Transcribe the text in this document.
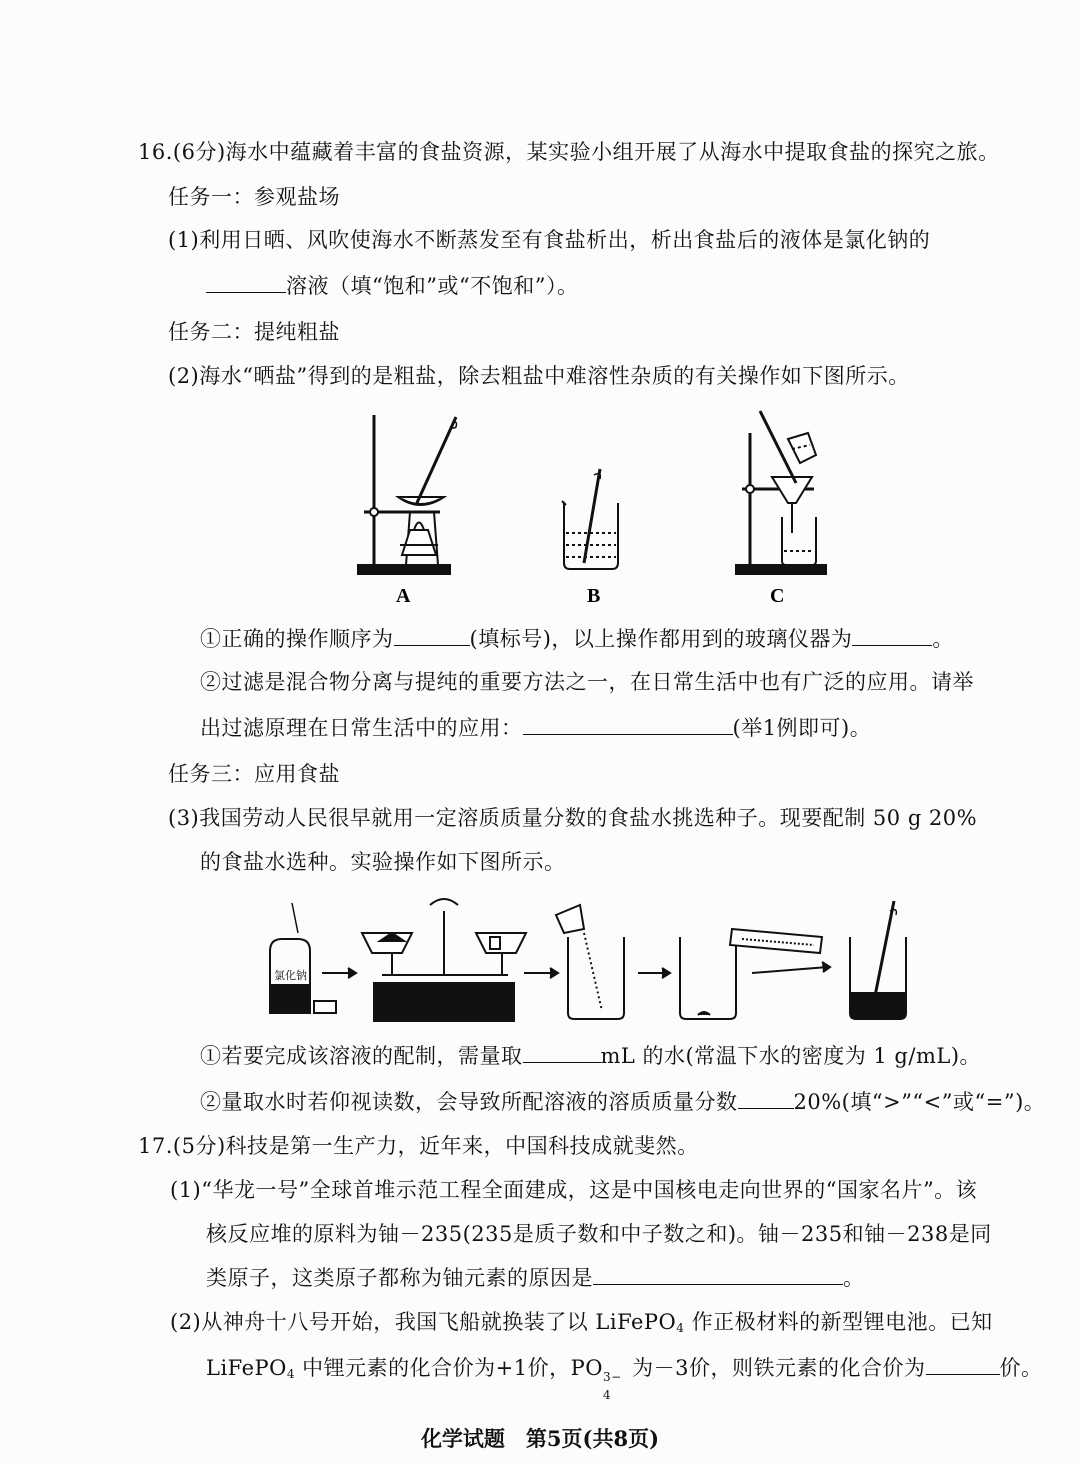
16.(6分)海水中蕴藏着丰富的食盐资源，某实验小组开展了从海水中提取食盐的探究之旅。
任务一：参观盐场
(1)利用日晒、风吹使海水不断蒸发至有食盐析出，析出食盐后的液体是氯化钠的
溶液（填“饱和”或“不饱和”）。
任务二：提纯粗盐
(2)海水“晒盐”得到的是粗盐，除去粗盐中难溶性杂质的有关操作如下图所示。
A	B	C
①正确的操作顺序为	(填标号)，以上操作都用到的玻璃仪器为	。
②过滤是混合物分离与提纯的重要方法之一，在日常生活中也有广泛的应用。请举
出过滤原理在日常生活中的应用：	(举1例即可)。
任务三：应用食盐
(3)我国劳动人民很早就用一定溶质质量分数的食盐水挑选种子。现要配制 50 g 20%
的食盐水选种。实验操作如下图所示。
氯化钠
①若要完成该溶液的配制，需量取	mL 的水(常温下水的密度为 1 g/mL)。
②量取水时若仰视读数，会导致所配溶液的溶质质量分数	20%(填“>”“<”或“=”)。
17.(5分)科技是第一生产力，近年来，中国科技成就斐然。
(1)“华龙一号”全球首堆示范工程全面建成，这是中国核电走向世界的“国家名片”。该
核反应堆的原料为铀－235(235是质子数和中子数之和)。铀－235和铀－238是同
类原子，这类原子都称为铀元素的原因是	。
(2)从神舟十八号开始，我国飞船就换装了以 LiFePO$_4$ 作正极材料的新型锂电池。已知
LiFePO$_4$ 中锂元素的化合价为+1价，PO 3−
4
为－3价，则铁元素的化合价为	价。
化学试题　第5页(共8页)
